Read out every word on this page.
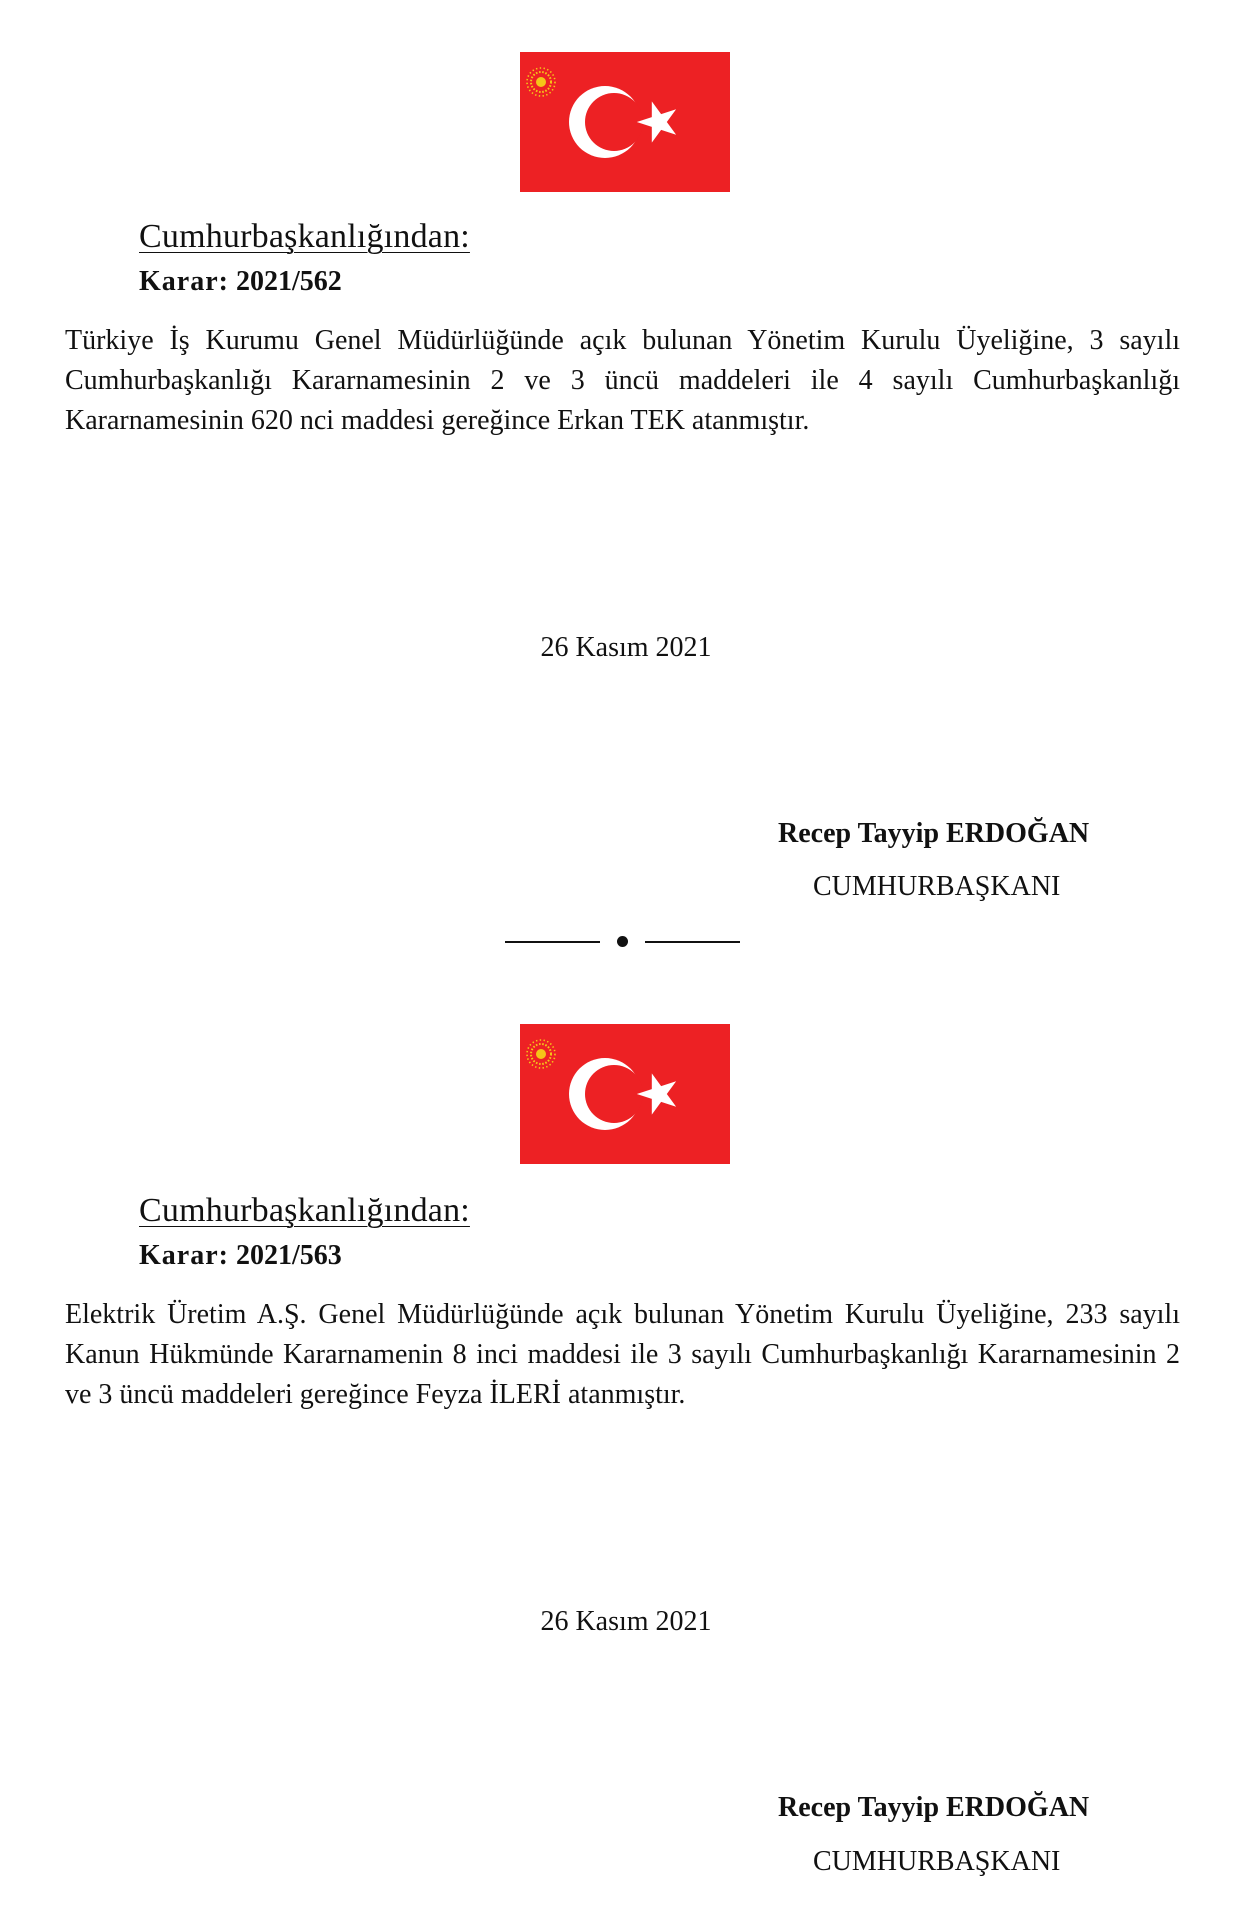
Cumhurbaşkanlığından:
Karar: 2021/562

Türkiye İş Kurumu Genel Müdürlüğünde açık bulunan Yönetim Kurulu Üyeliğine, 3 sayılı Cumhurbaşkanlığı Kararnamesinin 2 ve 3 üncü maddeleri ile 4 sayılı Cumhurbaşkanlığı Kararnamesinin 620 nci maddesi gereğince Erkan TEK atanmıştır.

26 Kasım 2021
Recep Tayyip ERDOĞAN
CUMHURBAŞKANI
Cumhurbaşkanlığından:
Karar: 2021/563

Elektrik Üretim A.Ş. Genel Müdürlüğünde açık bulunan Yönetim Kurulu Üyeliğine, 233 sayılı Kanun Hükmünde Kararnamenin 8 inci maddesi ile 3 sayılı Cumhurbaşkanlığı Kararnamesinin 2 ve 3 üncü maddeleri gereğince Feyza İLERİ atanmıştır.

26 Kasım 2021
Recep Tayyip ERDOĞAN
CUMHURBAŞKANI
